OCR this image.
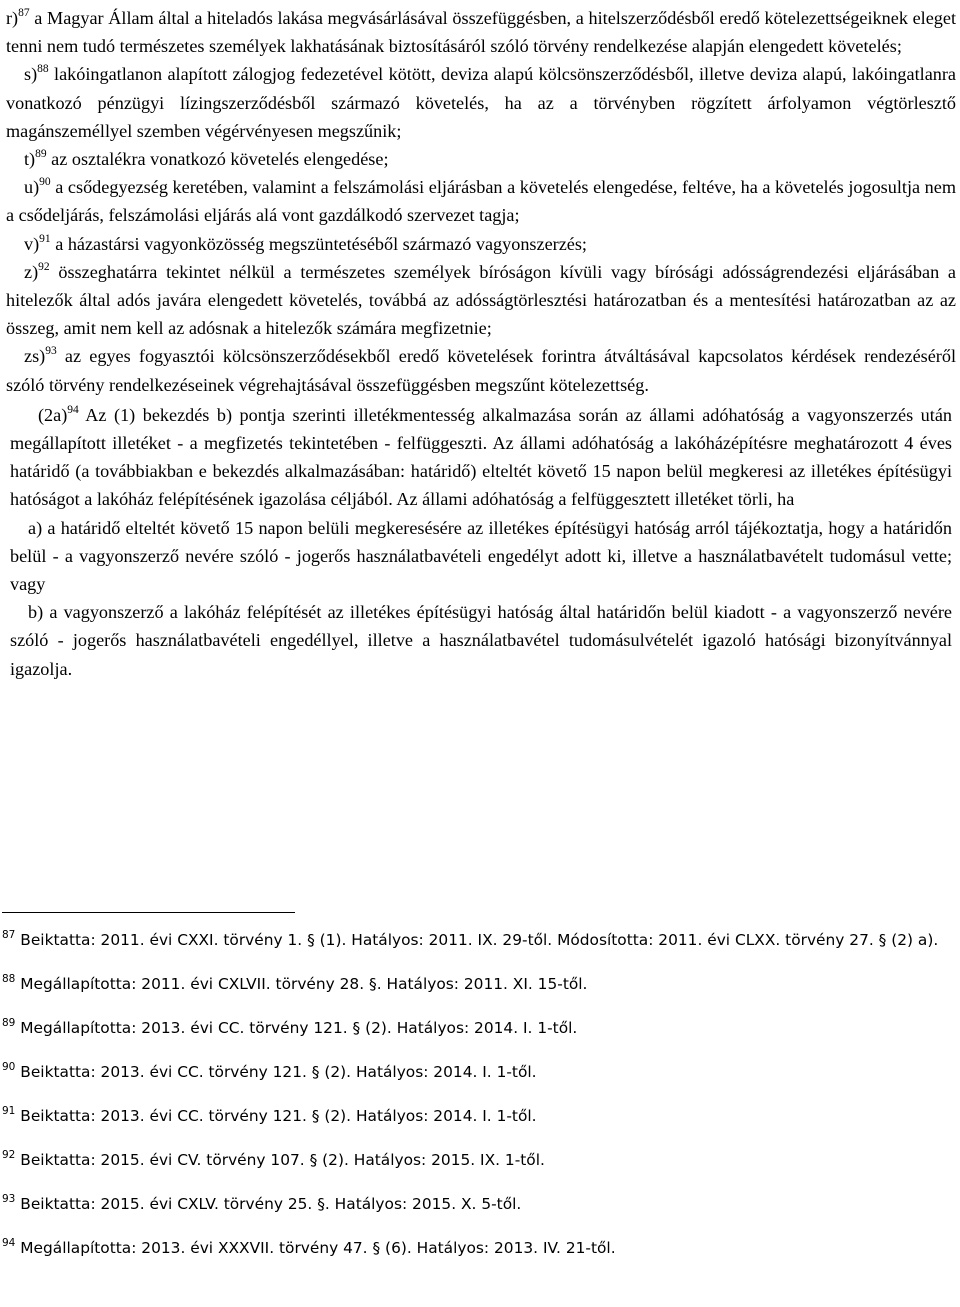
r)$^{87}$ a Magyar Állam által a hiteladós lakása megvásárlásával összefüggésben, a hitelszerződésből eredő kötelezettségeiknek eleget tenni nem tudó természetes személyek lakhatásának biztosításáról szóló törvény rendelkezése alapján elengedett követelés;

s)$^{88}$ lakóingatlanon alapított zálogjog fedezetével kötött, deviza alapú kölcsönszerződésből, illetve deviza alapú, lakóingatlanra vonatkozó pénzügyi lízingszerződésből származó követelés, ha az a törvényben rögzített árfolyamon végtörlesztő magánszeméllyel szemben végérvényesen megszűnik;

t)$^{89}$ az osztalékra vonatkozó követelés elengedése;

u)$^{90}$ a csődegyezség keretében, valamint a felszámolási eljárásban a követelés elengedése, feltéve, ha a követelés jogosultja nem a csődeljárás, felszámolási eljárás alá vont gazdálkodó szervezet tagja;

v)$^{91}$ a házastársi vagyonközösség megszüntetéséből származó vagyonszerzés;

z)$^{92}$ összeghatárra tekintet nélkül a természetes személyek bíróságon kívüli vagy bírósági adósságrendezési eljárásában a hitelezők által adós javára elengedett követelés, továbbá az adósságtörlesztési határozatban és a mentesítési határozatban az az összeg, amit nem kell az adósnak a hitelezők számára megfizetnie;

zs)$^{93}$ az egyes fogyasztói kölcsönszerződésekből eredő követelések forintra átváltásával kapcsolatos kérdések rendezéséről szóló törvény rendelkezéseinek végrehajtásával összefüggésben megszűnt kötelezettség.

$(2a)^{94}$ Az (1) bekezdés b) pontja szerinti illetékmentesség alkalmazása során az állami adóhatóság a vagyonszerzés után megállapított illetéket - a megfizetés tekintetében - felfüggeszti. Az állami adóhatóság a lakóházépítésre meghatározott 4 éves határidő (a továbbiakban e bekezdés alkalmazásában: határidő) elteltét követő 15 napon belül megkeresi az illetékes építésügyi hatóságot a lakóház felépítésének igazolása céljából. Az állami adóhatóság a felfüggesztett illetéket törli, ha

a) a határidő elteltét követő 15 napon belüli megkeresésére az illetékes építésügyi hatóság arról tájékoztatja, hogy a határidőn belül - a vagyonszerző nevére szóló - jogerős használatbavételi engedélyt adott ki, illetve a használatbavételt tudomásul vette; vagy

b) a vagyonszerző a lakóház felépítését az illetékes építésügyi hatóság által határidőn belül kiadott - a vagyonszerző nevére szóló - jogerős használatbavételi engedéllyel, illetve a használatbavétel tudomásulvételét igazoló hatósági bizonyítvánnyal igazolja.

$^{87}$ Beiktatta: 2011. évi CXXI. törvény 1. § (1). Hatályos: 2011. IX. 29-től. Módosította: 2011. évi CLXX. törvény 27. § (2) a).

$^{88}$ Megállapította: 2011. évi CXLVII. törvény 28. §. Hatályos: 2011. XI. 15-től.

$^{89}$ Megállapította: 2013. évi CC. törvény 121. § (2). Hatályos: 2014. I. 1-től.

$^{90}$ Beiktatta: 2013. évi CC. törvény 121. § (2). Hatályos: 2014. I. 1-től.

$^{91}$ Beiktatta: 2013. évi CC. törvény 121. § (2). Hatályos: 2014. I. 1-től.

$^{92}$ Beiktatta: 2015. évi CV. törvény 107. § (2). Hatályos: 2015. IX. 1-től.

$^{93}$ Beiktatta: 2015. évi CXLV. törvény 25. §. Hatályos: 2015. X. 5-től.

$^{94}$ Megállapította: 2013. évi XXXVII. törvény 47. § (6). Hatályos: 2013. IV. 21-től.
